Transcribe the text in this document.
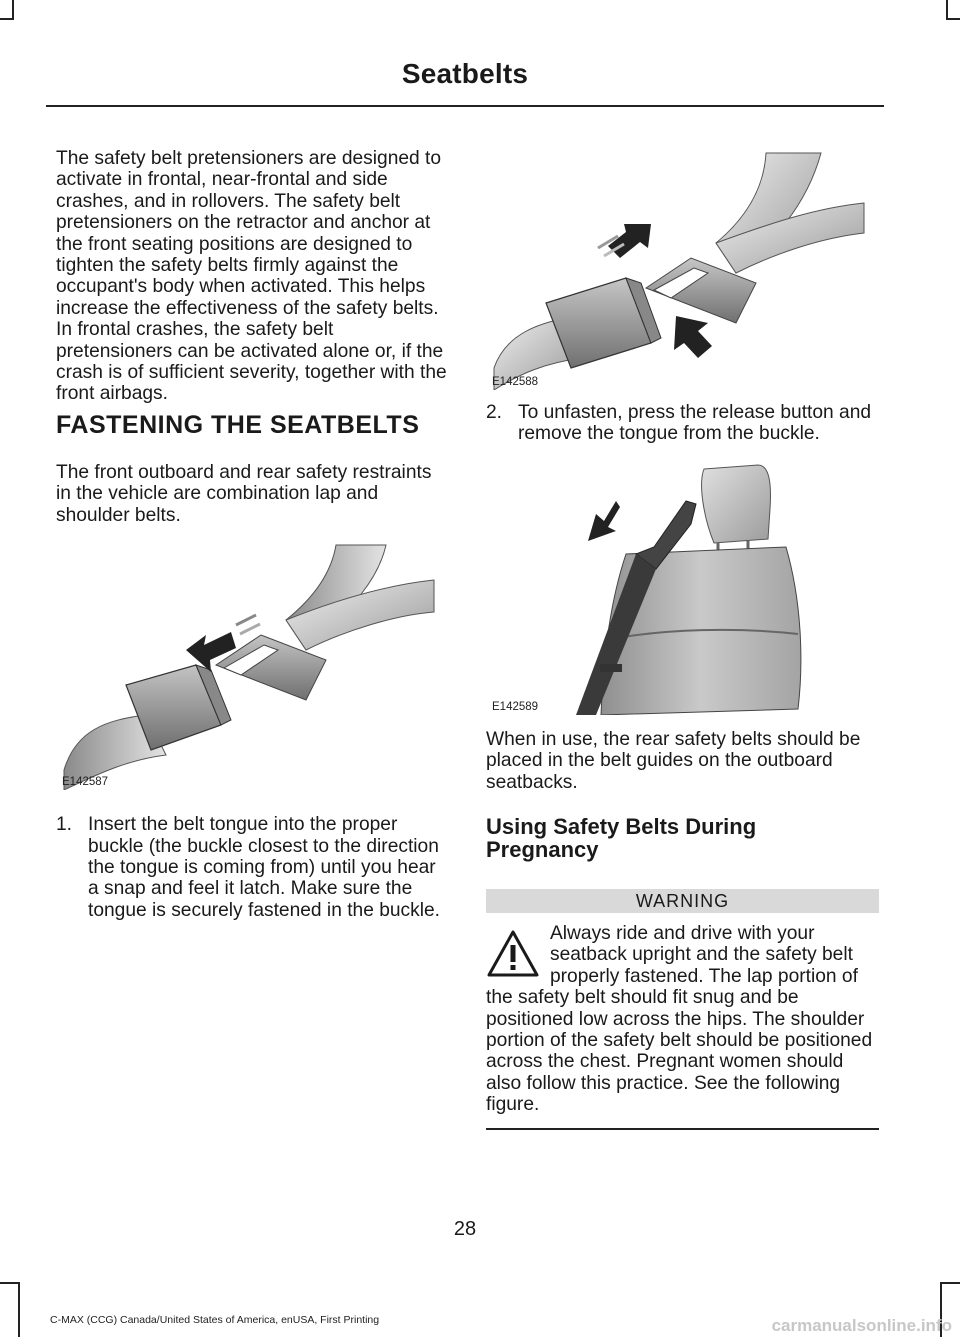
Seatbelts

The safety belt pretensioners are designed to activate in frontal, near-frontal and side crashes, and in rollovers. The safety belt pretensioners on the retractor and anchor at the front seating positions are designed to tighten the safety belts firmly against the occupant's body when activated. This helps increase the effectiveness of the safety belts. In frontal crashes, the safety belt pretensioners can be activated alone or, if the crash is of sufficient severity, together with the front airbags.

FASTENING THE SEATBELTS

The front outboard and rear safety restraints in the vehicle are combination lap and shoulder belts.

E142587
1. Insert the belt tongue into the proper buckle (the buckle closest to the direction the tongue is coming from) until you hear a snap and feel it latch. Make sure the tongue is securely fastened in the buckle.
E142588
2. To unfasten, press the release button and remove the tongue from the buckle.
E142589

When in use, the rear safety belts should be placed in the belt guides on the outboard seatbacks.

Using Safety Belts During Pregnancy
WARNING

Always ride and drive with your seatback upright and the safety belt properly fastened. The lap portion of the safety belt should fit snug and be positioned low across the hips. The shoulder portion of the safety belt should be positioned across the chest. Pregnant women should also follow this practice. See the following figure.

28
C-MAX (CCG) Canada/United States of America, enUSA, First Printing	carmanualsonline.info
